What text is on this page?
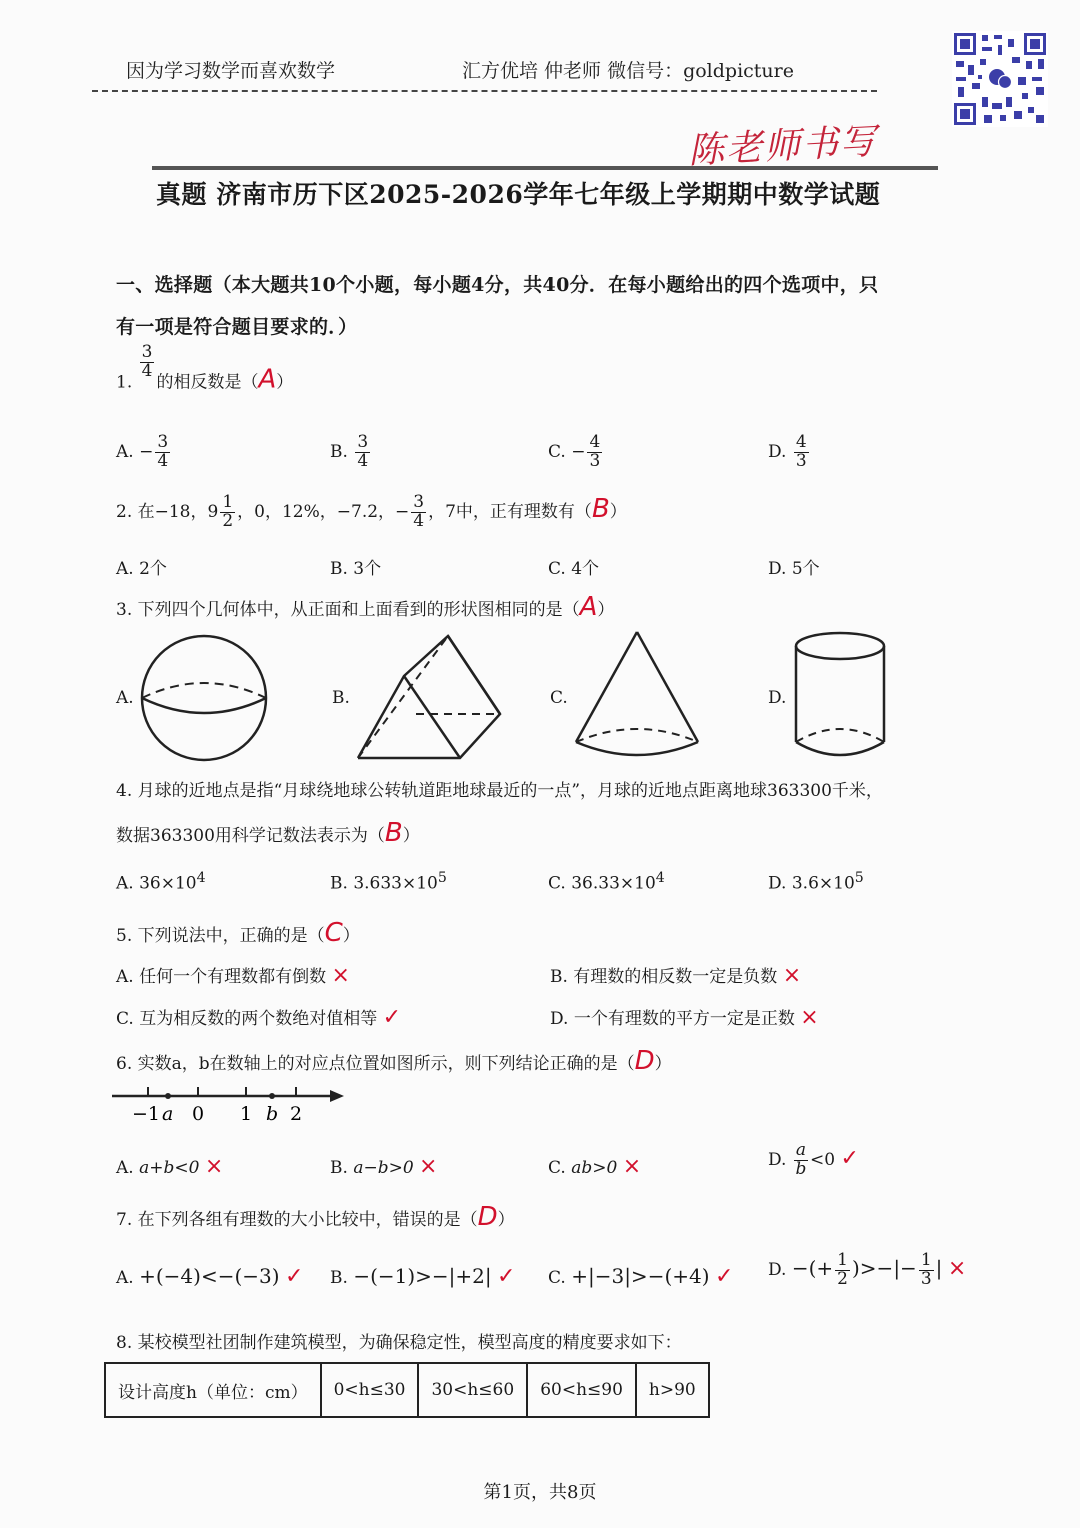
因为学习数学而喜欢数学	汇方优培 仲老师 微信号：goldpicture
陈老师书写
真题 济南市历下区2025-2026学年七年级上学期期中数学试题
一、选择题（本大题共10个小题，每小题4分，共40分．在每小题给出的四个选项中，只
有一项是符合题目要求的．）
1.
$\frac{3}{4}$
的相反数是（A）
A. − $\frac{3}{4}$	B. $\frac{3}{4}$	C. − $\frac{4}{3}$	D. $\frac{4}{3}$
2. 在−18，$9 \frac{1}{2}$ ，0，12%，−7.2，− $\frac{3}{4}$ ，7中，正有理数有（B）
A. 2个	B. 3个	C. 4个	D. 5个
3. 下列四个几何体中，从正面和上面看到的形状图相同的是（A）
A.	B.	C.	D.
4. 月球的近地点是指“月球绕地球公转轨道距地球最近的一点”，月球的近地点距离地球363300千米，
数据363300用科学记数法表示为（B）
A. $36\times 10^4$	B. $3.633\times 10^5$	C. $36.33\times 10^4$	D. $3.6\times 10^5$
5. 下列说法中，正确的是（C）
A. 任何一个有理数都有倒数 ×	B. 有理数的相反数一定是负数 ×
C. 互为相反数的两个数绝对值相等 ✓	D. 一个有理数的平方一定是正数 ×
6. 实数a，b在数轴上的对应点位置如图所示，则下列结论正确的是（D）
−1 a 0 1 b 2
A. a+b<0 ×	B. a−b>0 ×	C. ab>0 ×	D. $\frac{a}{b} <0$ ✓
7. 在下列各组有理数的大小比较中，错误的是（D）
A. +(−4)<−(−3) ✓ B. −(−1)>−|+2| ✓ C. +|−3|>−(+4) ✓ D. −(+ $\frac{1}{2}$ )>−|− $\frac{1}{3}$ | ×
8. 某校模型社团制作建筑模型，为确保稳定性，模型高度的精度要求如下：
设计高度h（单位：cm）	0<h≤30	30<h≤60	60<h≤90	h>90
第1页，共8页
